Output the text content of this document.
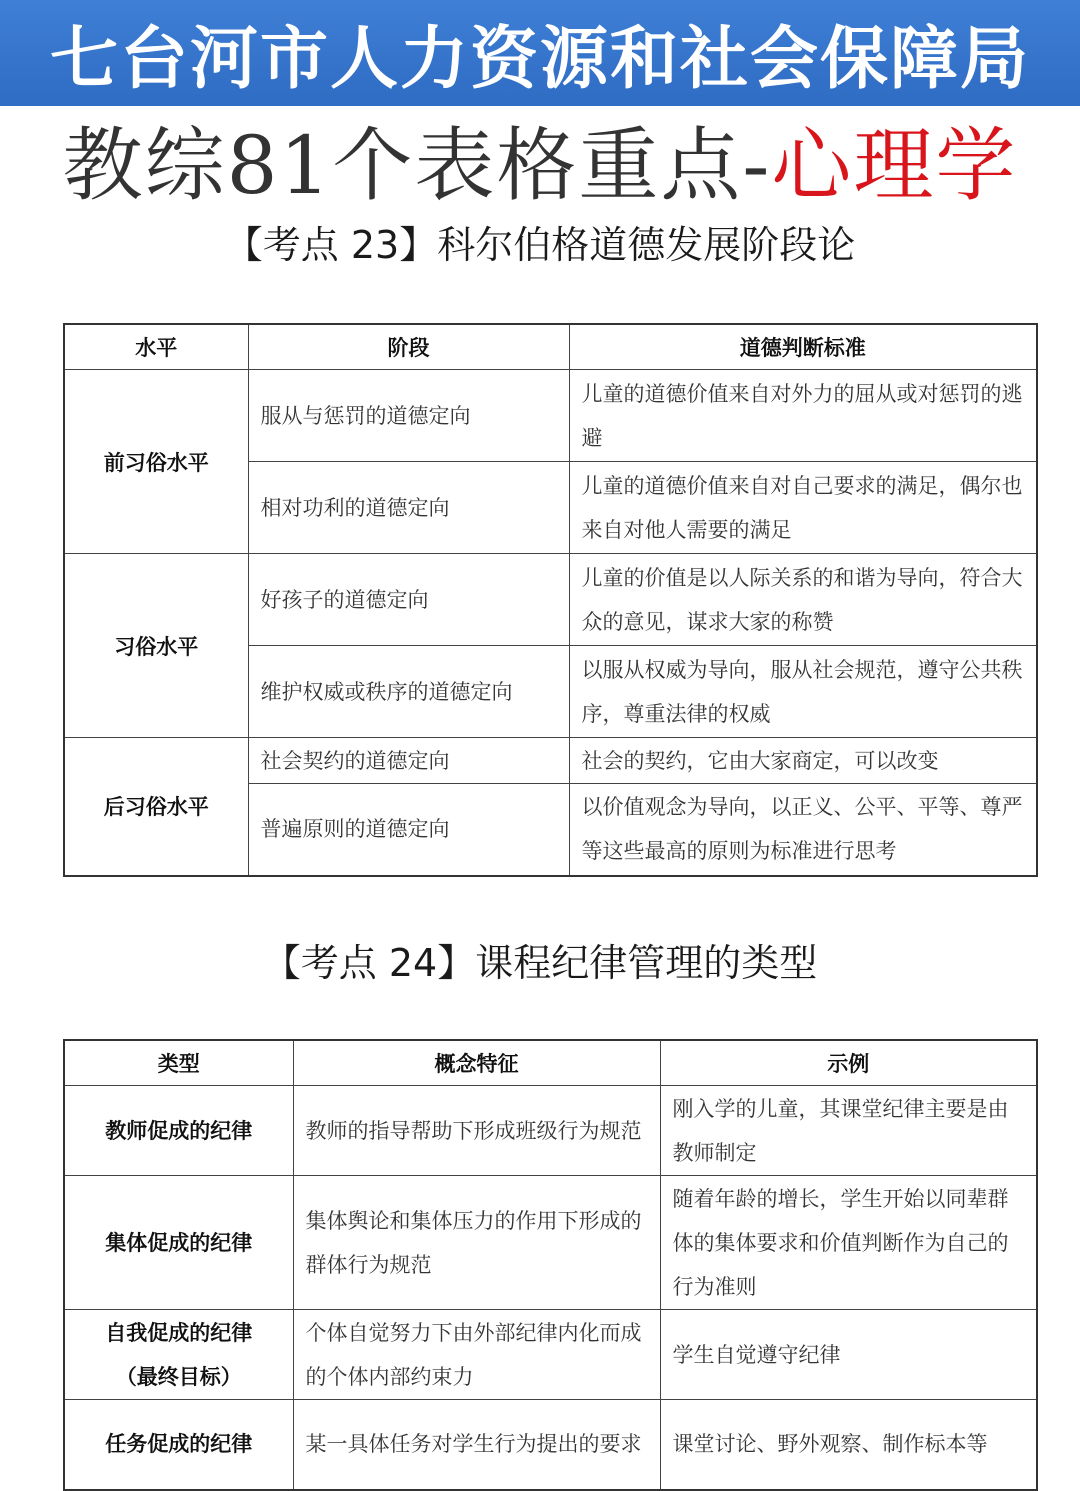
七台河市人力资源和社会保障局
教综81个表格重点- 心理学
【考点 23】科尔伯格道德发展阶段论
水平	阶段	道德判断标准
前习俗水平	服从与惩罚的道德定向	儿童的道德价值来自对外力的屈从或对惩罚的逃避
	相对功利的道德定向	儿童的道德价值来自对自己要求的满足，偶尔也来自对他人需要的满足
习俗水平	好孩子的道德定向	儿童的价值是以人际关系的和谐为导向，符合大众的意见，谋求大家的称赞
	维护权威或秩序的道德定向	以服从权威为导向，服从社会规范，遵守公共秩序，尊重法律的权威
后习俗水平	社会契约的道德定向	社会的契约，它由大家商定，可以改变
	普遍原则的道德定向	以价值观念为导向，以正义、公平、平等、尊严等这些最高的原则为标准进行思考
【考点 24】课程纪律管理的类型
类型	概念特征	示例
教师促成的纪律	教师的指导帮助下形成班级行为规范	刚入学的儿童，其课堂纪律主要是由教师制定
集体促成的纪律	集体舆论和集体压力的作用下形成的群体行为规范	随着年龄的增长，学生开始以同辈群体的集体要求和价值判断作为自己的行为准则
自我促成的纪律（最终目标）	个体自觉努力下由外部纪律内化而成的个体内部约束力	学生自觉遵守纪律
任务促成的纪律	某一具体任务对学生行为提出的要求	课堂讨论、野外观察、制作标本等
